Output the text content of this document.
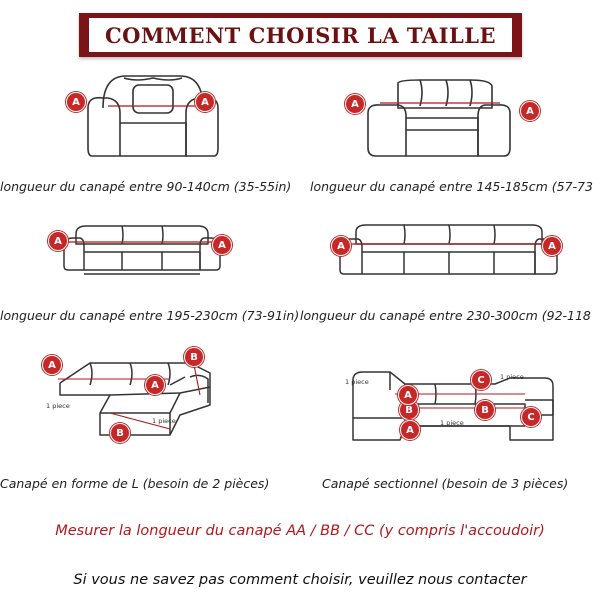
COMMENT CHOISIR LA TAILLE
A	A
longueur du canapé entre 90-140cm (35-55in)
A
A
longueur du canapé entre 145-185cm (57-73
A	A
longueur du canapé entre 195-230cm (73-91in)
A	A
longueur du canapé entre 230-300cm (92-118
A
B
A
B
1 piece
1 piece
Canapé en forme de L (besoin de 2 pièces)
C
C
B	B
A
A
1 piece
1 piece
1 piece
Canapé sectionnel (besoin de 3 pièces)
Mesurer la longueur du canapé AA / BB / CC (y compris l'accoudoir)
Si vous ne savez pas comment choisir, veuillez nous contacter
